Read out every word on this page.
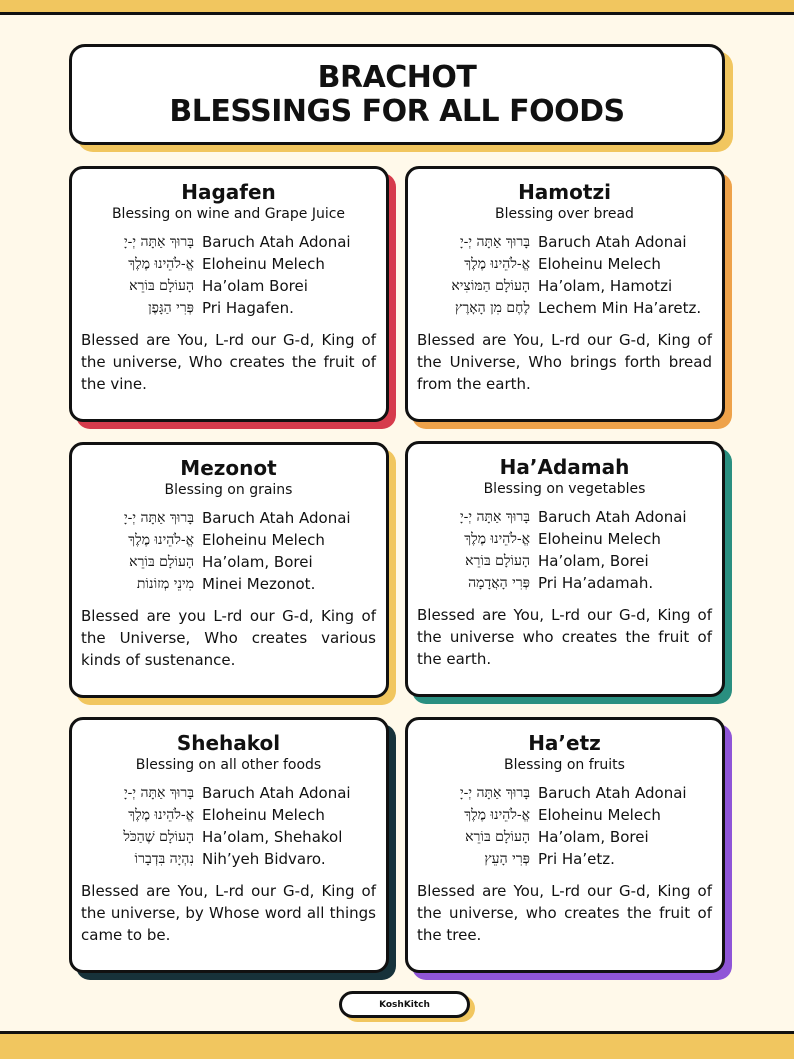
BRACHOT
BLESSINGS FOR ALL FOODS
Hagafen
Blessing on wine and Grape Juice
בָּרוּךְ אַתָּה יְ-יָ Baruch Atah Adonai
אֱ-לֹהֵינוּ מֶלֶךְ Eloheinu Melech
הָעוֹלָם בּוֹרֵא Ha’olam Borei
פְּרִי הַגָּפֶן Pri Hagafen.
Blessed are You, L-rd our G-d, King of the universe, Who creates the fruit of the vine.
Hamotzi
Blessing over bread
בָּרוּךְ אַתָּה יְ-יָ Baruch Atah Adonai
אֱ-לֹהֵינוּ מֶלֶךְ Eloheinu Melech
הָעוֹלָם הַמּוֹצִיא Ha’olam, Hamotzi
לֶחֶם מִן הָאָרֶץ Lechem Min Ha’aretz.
Blessed are You, L-rd our G-d, King of the Universe, Who brings forth bread from the earth.
Mezonot
Blessing on grains
בָּרוּךְ אַתָּה יְ-יָ Baruch Atah Adonai
אֱ-לֹהֵינוּ מֶלֶךְ Eloheinu Melech
הָעוֹלָם בּוֹרֵא Ha’olam, Borei
מִינֵי מְזוֹנוֹת Minei Mezonot.
Blessed are you L-rd our G-d, King of the Universe, Who creates various kinds of sustenance.
Ha’Adamah
Blessing on vegetables
בָּרוּךְ אַתָּה יְ-יָ Baruch Atah Adonai
אֱ-לֹהֵינוּ מֶלֶךְ Eloheinu Melech
הָעוֹלָם בּוֹרֵא Ha’olam, Borei
פְּרִי הָאֲדָמָה Pri Ha’adamah.
Blessed are You, L-rd our G-d, King of the universe who creates the fruit of the earth.
Shehakol
Blessing on all other foods
בָּרוּךְ אַתָּה יְ-יָ Baruch Atah Adonai
אֱ-לֹהֵינוּ מֶלֶךְ Eloheinu Melech
הָעוֹלָם שֶׁהַכֹּל Ha’olam, Shehakol
נִהְיָה בִּדְבָרוֹ Nih’yeh Bidvaro.
Blessed are You, L-rd our G-d, King of the universe, by Whose word all things came to be.
Ha’etz
Blessing on fruits
בָּרוּךְ אַתָּה יְ-יָ Baruch Atah Adonai
אֱ-לֹהֵינוּ מֶלֶךְ Eloheinu Melech
הָעוֹלָם בּוֹרֵא Ha’olam, Borei
פְּרִי הָעֵץ Pri Ha’etz.
Blessed are You, L-rd our G-d, King of the universe, who creates the fruit of the tree.
KoshKitch
